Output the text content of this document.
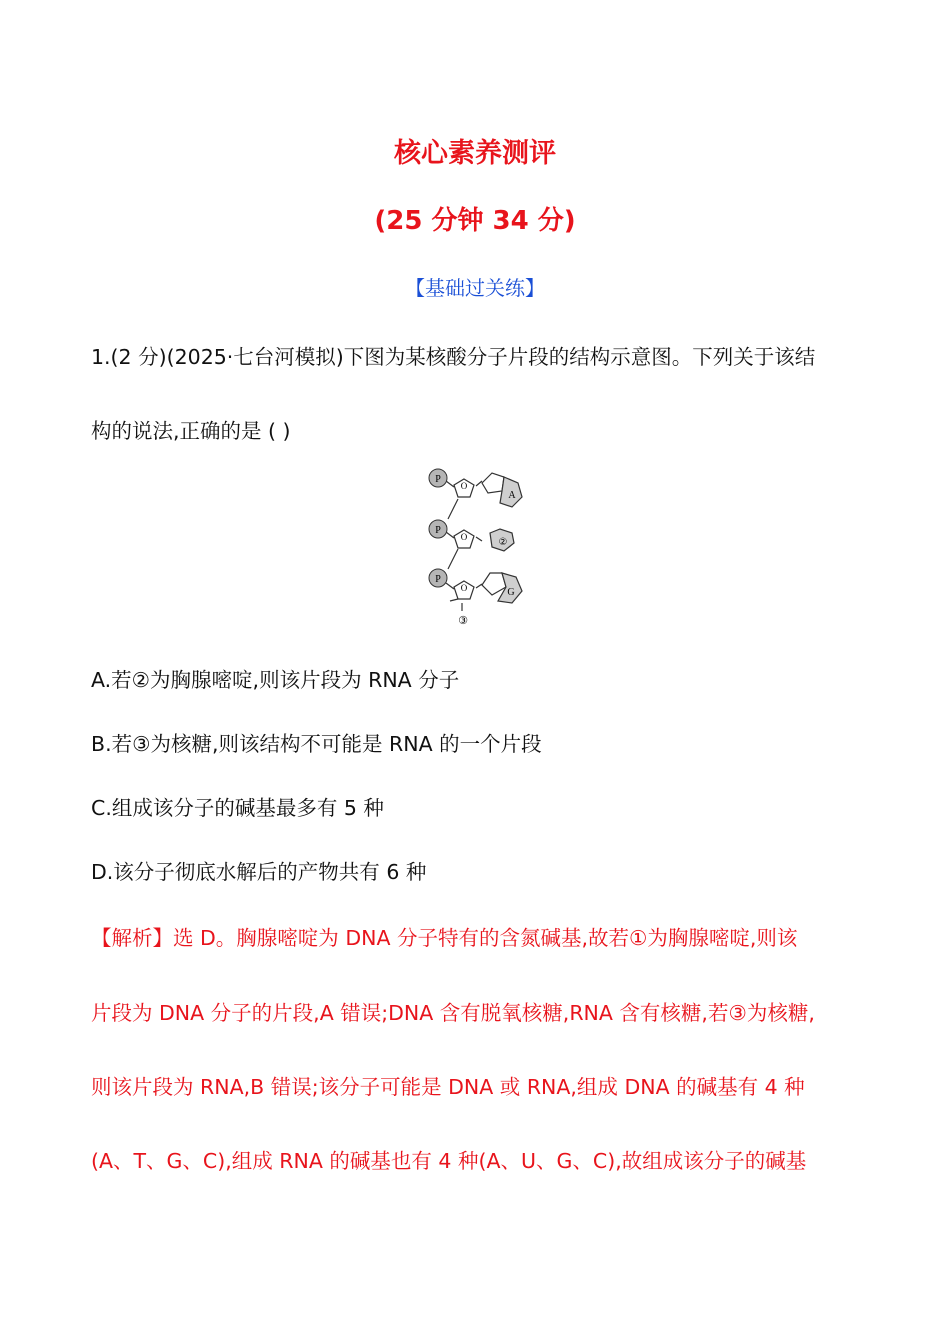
核心素养测评
(25 分钟 34 分)
【基础过关练】
1.(2 分)(2025·七台河模拟)下图为某核酸分子片段的结构示意图。下列关于该结
构的说法,正确的是 ( )
P
O
A
P
O	②
P
O	G
③
A.若②为胸腺嘧啶,则该片段为 RNA 分子
B.若③为核糖,则该结构不可能是 RNA 的一个片段
C.组成该分子的碱基最多有 5 种
D.该分子彻底水解后的产物共有 6 种
【解析】选 D。胸腺嘧啶为 DNA 分子特有的含氮碱基,故若①为胸腺嘧啶,则该
片段为 DNA 分子的片段,A 错误;DNA 含有脱氧核糖,RNA 含有核糖,若③为核糖,
则该片段为 RNA,B 错误;该分子可能是 DNA 或 RNA,组成 DNA 的碱基有 4 种
(A、T、G、C),组成 RNA 的碱基也有 4 种(A、U、G、C),故组成该分子的碱基
